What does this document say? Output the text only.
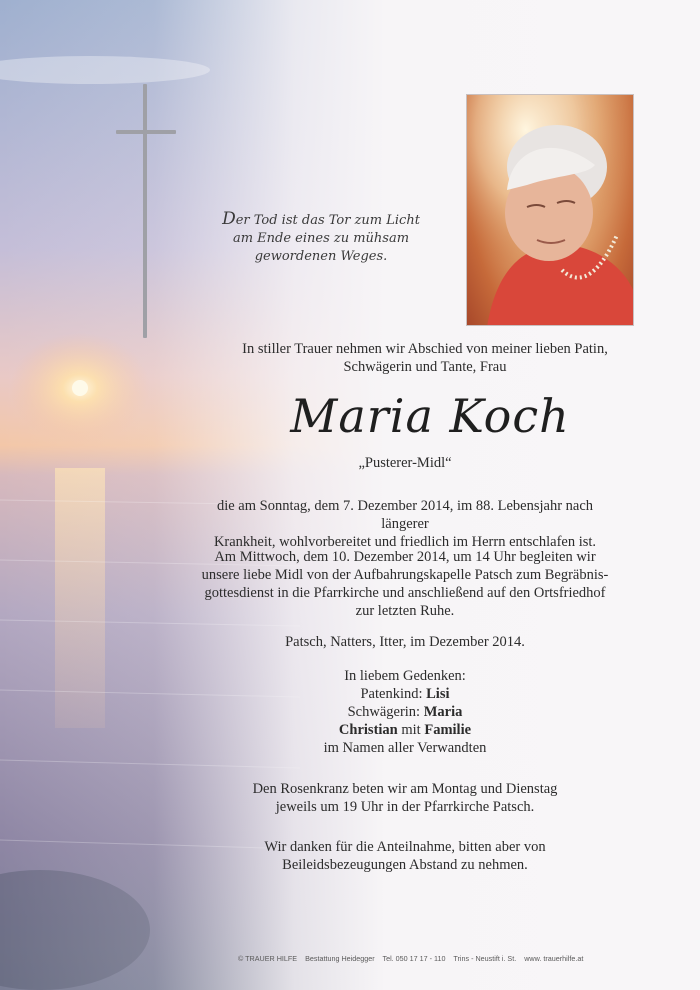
Der Tod ist das Tor zum Licht
am Ende eines zu mühsam
gewordenen Weges.

In stiller Trauer nehmen wir Abschied von meiner lieben Patin,

Schwägerin und Tante, Frau

Maria Koch
„Pusterer-Midl“

die am Sonntag, dem 7. Dezember 2014, im 88. Lebensjahr nach längerer

Krankheit, wohlvorbereitet und friedlich im Herrn entschlafen ist.

Am Mittwoch, dem 10. Dezember 2014, um 14 Uhr begleiten wir

unsere liebe Midl von der Aufbahrungskapelle Patsch zum Begräbnis-

gottesdienst in die Pfarrkirche und anschließend auf den Ortsfriedhof

zur letzten Ruhe.

Patsch, Natters, Itter, im Dezember 2014.

In liebem Gedenken:

Patenkind: Lisi

Schwägerin: Maria

Christian mit Familie

im Namen aller Verwandten

Den Rosenkranz beten wir am Montag und Dienstag

jeweils um 19 Uhr in der Pfarrkirche Patsch.

Wir danken für die Anteilnahme, bitten aber von

Beileidsbezeugungen Abstand zu nehmen.

© TRAUER HILFE Bestattung Heidegger Tel. 050 17 17 - 110 Trins - Neustift i. St. www. trauerhilfe.at
